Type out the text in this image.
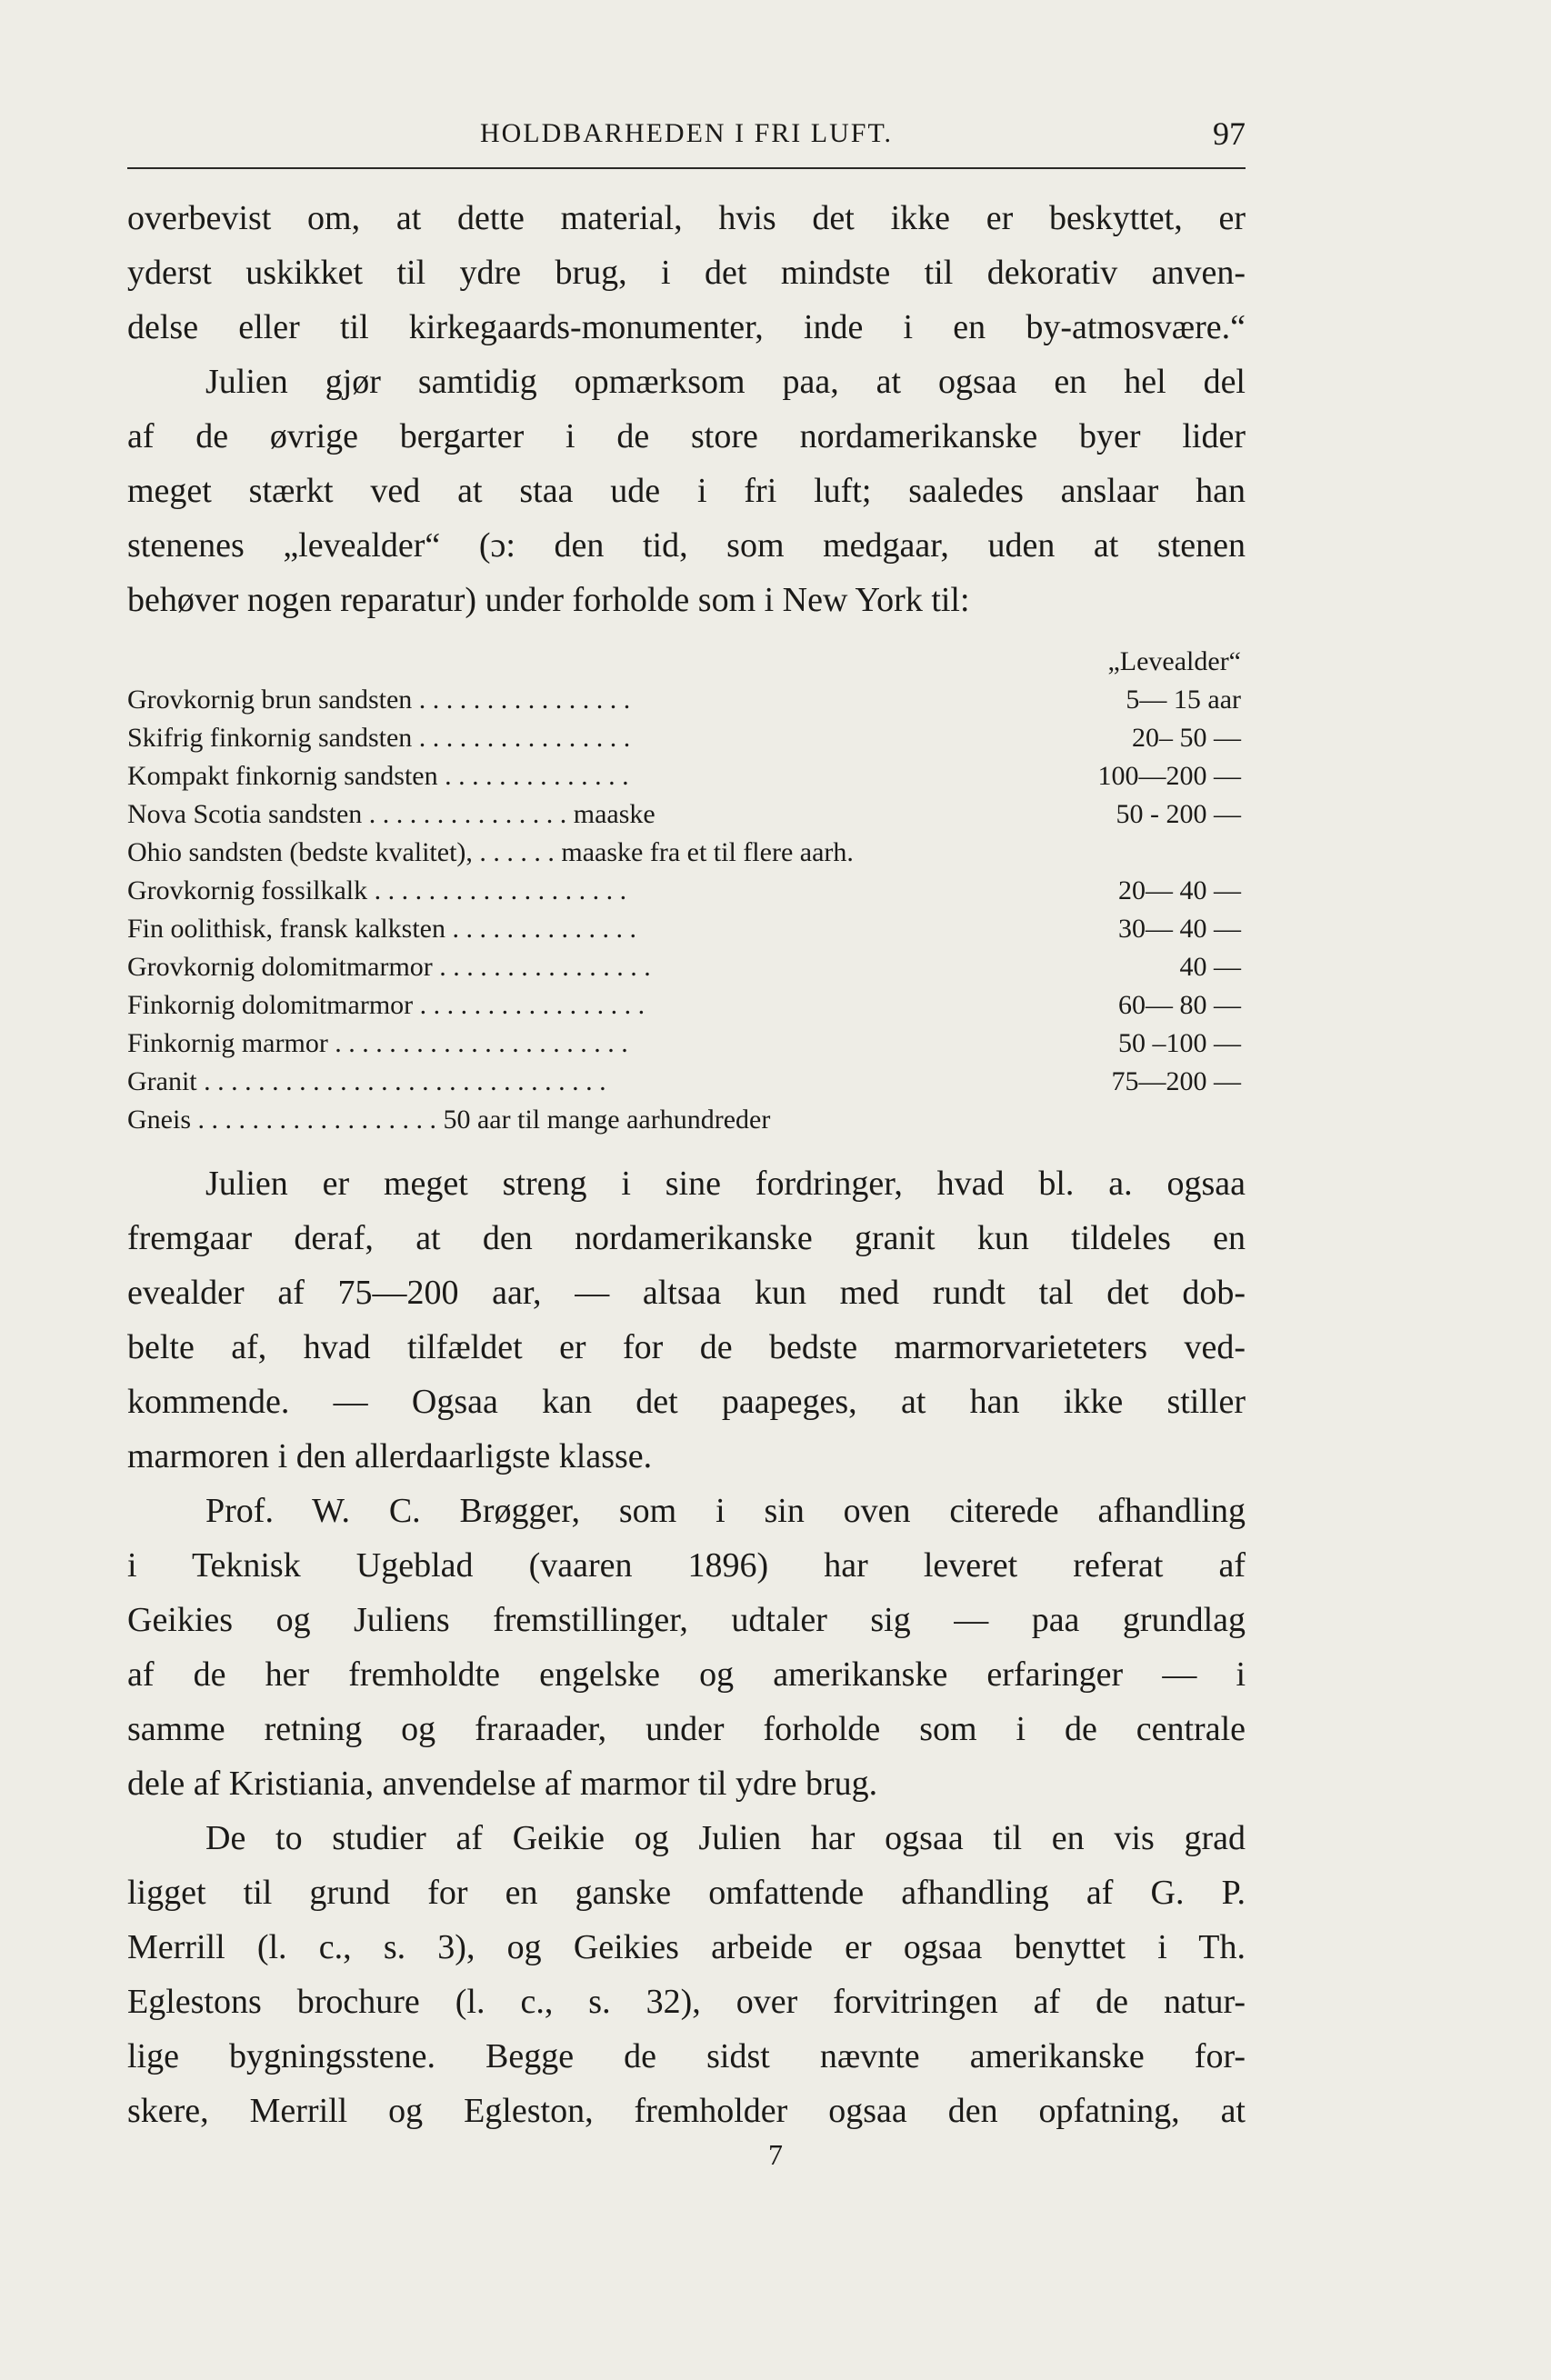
HOLDBARHEDEN I FRI LUFT.	97
overbevist om, at dette material, hvis det ikke er beskyttet, er
yderst uskikket til ydre brug, i det mindste til dekorativ anven-
delse eller til kirkegaards-monumenter, inde i en by-atmosvære.“
Julien gjør samtidig opmærksom paa, at ogsaa en hel del
af de øvrige bergarter i de store nordamerikanske byer lider
meget stærkt ved at staa ude i fri luft; saaledes anslaar han
stenenes „levealder“ (ɔ: den tid, som medgaar, uden at stenen
behøver nogen reparatur) under forholde som i New York til:
„Levealder“
Grovkornig brun sandsten . . . . . . . . . . . . . . . .	5— 15 aar
Skifrig finkornig sandsten . . . . . . . . . . . . . . . .	20– 50 —
Kompakt finkornig sandsten . . . . . . . . . . . . . .	100—200 —
Nova Scotia sandsten . . . . . . . . . . . . . . . maaske	50 - 200 —
Ohio sandsten (bedste kvalitet), . . . . . . maaske fra et til flere aarh.
Grovkornig fossilkalk . . . . . . . . . . . . . . . . . . .	20— 40 —
Fin oolithisk, fransk kalksten . . . . . . . . . . . . . .	30— 40 —
Grovkornig dolomitmarmor . . . . . . . . . . . . . . . .	40 —
Finkornig dolomitmarmor . . . . . . . . . . . . . . . . .	60— 80 —
Finkornig marmor . . . . . . . . . . . . . . . . . . . . . .	50 –100 —
Granit . . . . . . . . . . . . . . . . . . . . . . . . . . . . . .	75—200 —
Gneis . . . . . . . . . . . . . . . . . . 50 aar til mange aarhundreder
Julien er meget streng i sine fordringer, hvad bl. a. ogsaa
fremgaar deraf, at den nordamerikanske granit kun tildeles en
evealder af 75—200 aar, — altsaa kun med rundt tal det dob-
belte af, hvad tilfældet er for de bedste marmorvarieteters ved-
kommende. — Ogsaa kan det paapeges, at han ikke stiller
marmoren i den allerdaarligste klasse.
Prof. W. C. Brøgger, som i sin oven citerede afhandling
i Teknisk Ugeblad (vaaren 1896) har leveret referat af
Geikies og Juliens fremstillinger, udtaler sig — paa grundlag
af de her fremholdte engelske og amerikanske erfaringer — i
samme retning og fraraader, under forholde som i de centrale
dele af Kristiania, anvendelse af marmor til ydre brug.
De to studier af Geikie og Julien har ogsaa til en vis grad
ligget til grund for en ganske omfattende afhandling af G. P.
Merrill (l. c., s. 3), og Geikies arbeide er ogsaa benyttet i Th.
Eglestons brochure (l. c., s. 32), over forvitringen af de natur-
lige bygningsstene. Begge de sidst nævnte amerikanske for-
skere, Merrill og Egleston, fremholder ogsaa den opfatning, at
7
